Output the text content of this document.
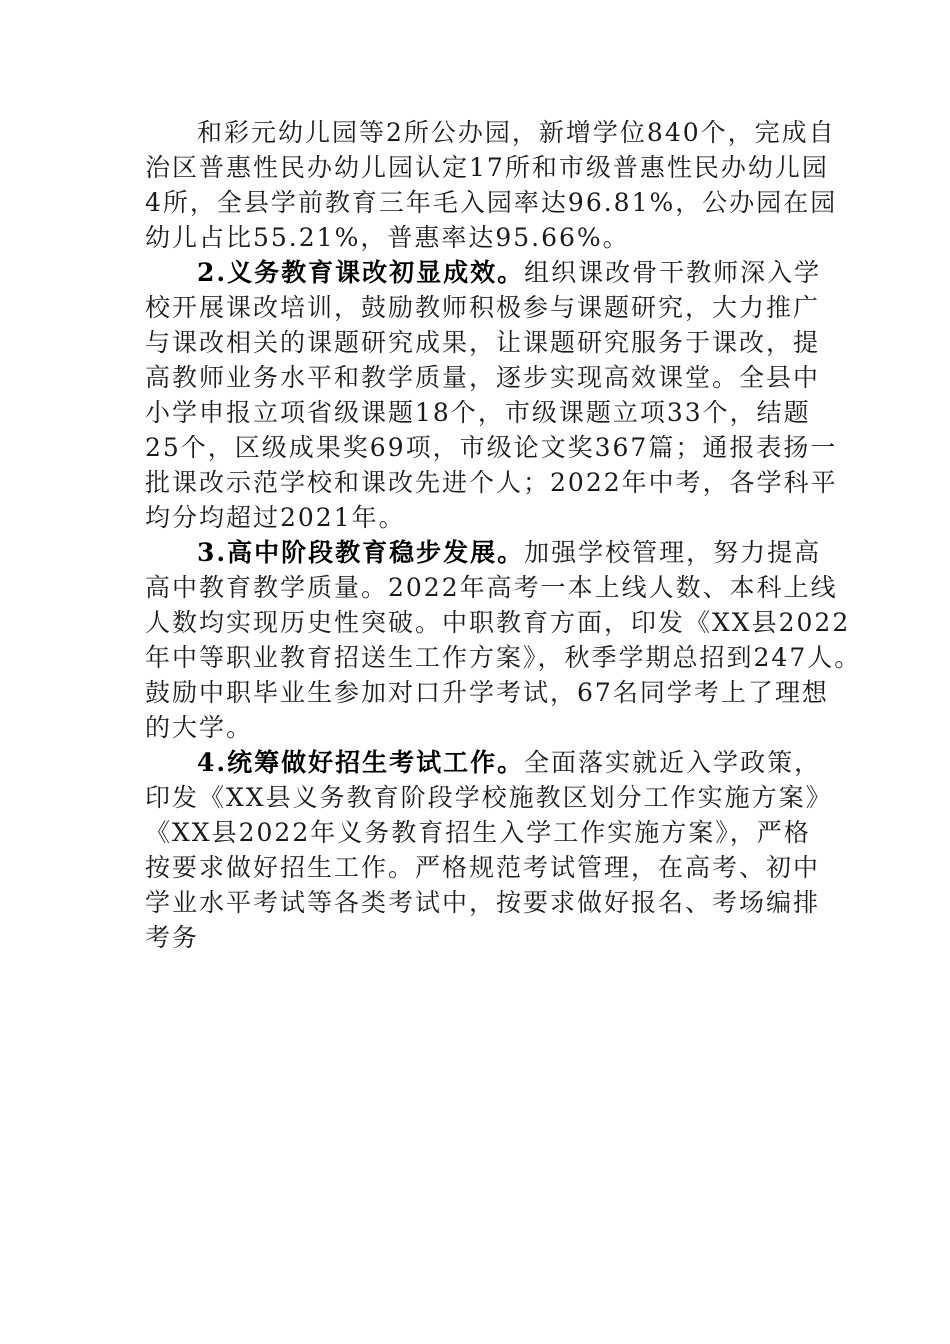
和彩元幼儿园等2所公办园，新增学位840个，完成自
治区普惠性民办幼儿园认定17所和市级普惠性民办幼儿园
4所，全县学前教育三年毛入园率达96.81%，公办园在园
幼儿占比55.21%，普惠率达95.66%。
2.义务教育课改初显成效。组织课改骨干教师深入学
校开展课改培训，鼓励教师积极参与课题研究，大力推广
与课改相关的课题研究成果，让课题研究服务于课改，提
高教师业务水平和教学质量，逐步实现高效课堂。全县中
小学申报立项省级课题18个，市级课题立项33个，结题
25个，区级成果奖69项，市级论文奖367篇；通报表扬一
批课改示范学校和课改先进个人；2022年中考，各学科平
均分均超过2021年。
3.高中阶段教育稳步发展。加强学校管理，努力提高
高中教育教学质量。2022年高考一本上线人数、本科上线
人数均实现历史性突破。中职教育方面，印发《XX县2022
年中等职业教育招送生工作方案》，秋季学期总招到247人。
鼓励中职毕业生参加对口升学考试，67名同学考上了理想
的大学。
4.统筹做好招生考试工作。全面落实就近入学政策，
印发《XX县义务教育阶段学校施教区划分工作实施方案》
《XX县2022年义务教育招生入学工作实施方案》，严格
按要求做好招生工作。严格规范考试管理，在高考、初中
学业水平考试等各类考试中，按要求做好报名、考场编排
考务
